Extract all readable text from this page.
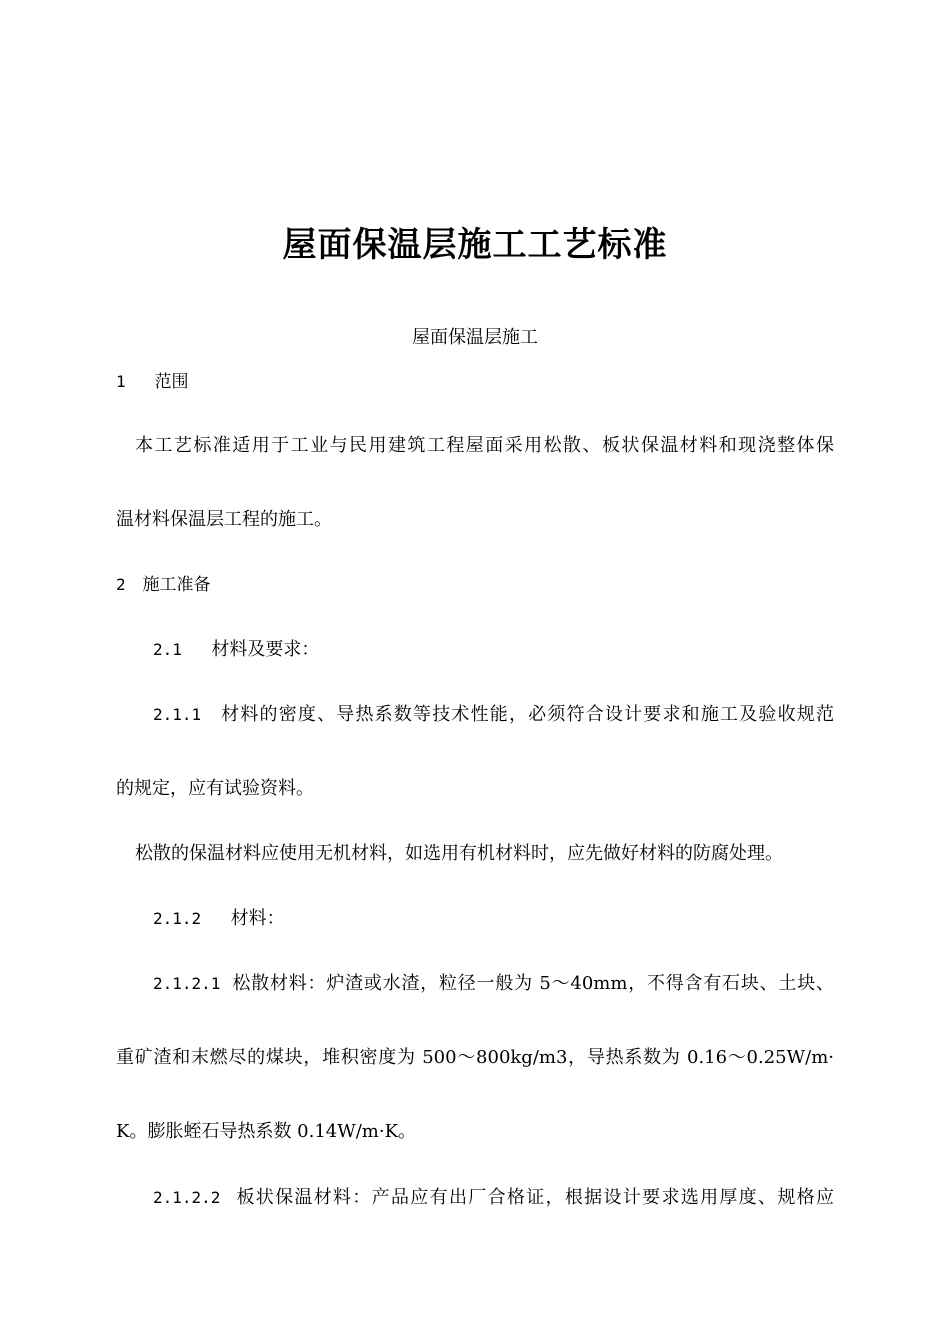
屋面保温层施工工艺标准
屋面保温层施工
1 范围
本工艺标准适用于工业与民用建筑工程屋面采用松散、板状保温材料和现浇整体保
温材料保温层工程的施工。
2 施工准备
2.1 材料及要求：
2.1.1 材料的密度、导热系数等技术性能，必须符合设计要求和施工及验收规范
的规定，应有试验资料。
松散的保温材料应使用无机材料，如选用有机材料时，应先做好材料的防腐处理。
2.1.2 材料：
2.1.2.1 松散材料：炉渣或水渣，粒径一般为 5～40mm，不得含有石块、土块、
重矿渣和末燃尽的煤块，堆积密度为 500～800kg/m3，导热系数为 0.16～0.25W/m·
K。膨胀蛭石导热系数 0.14W/m·K。
2.1.2.2 板状保温材料：产品应有出厂合格证，根据设计要求选用厚度、规格应
